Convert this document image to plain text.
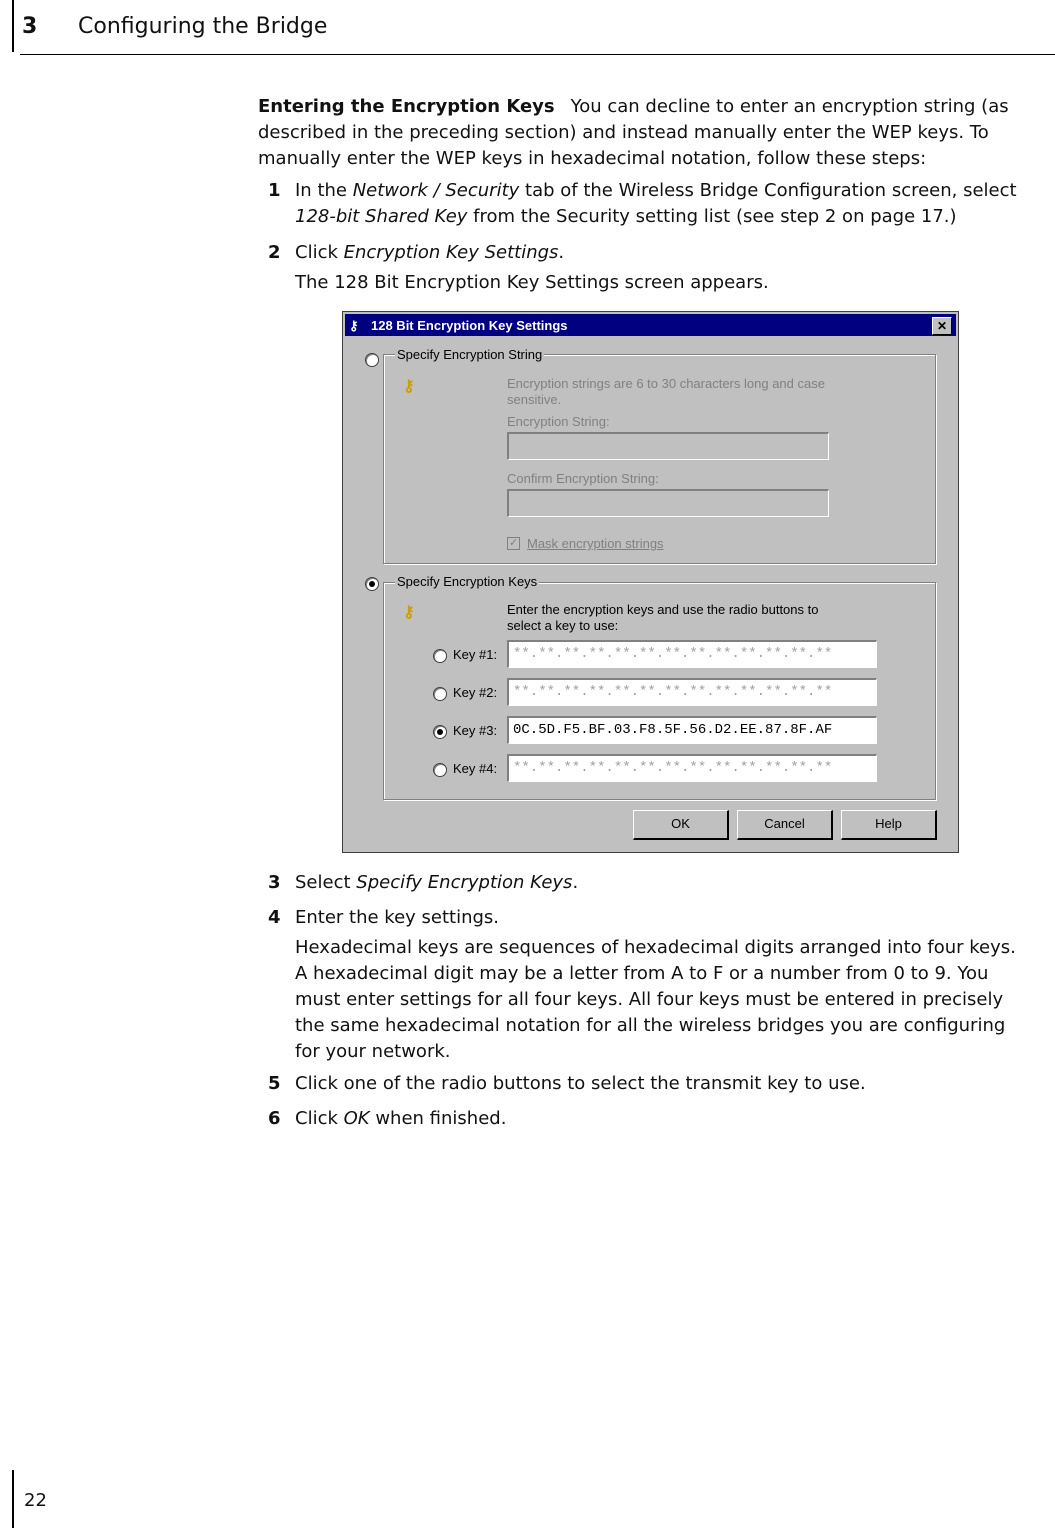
3 Configuring the Bridge
Entering the Encryption Keys You can decline to enter an encryption string (as described in the preceding section) and instead manually enter the WEP keys. To manually enter the WEP keys in hexadecimal notation, follow these steps:
1 In the Network / Security tab of the Wireless Bridge Configuration screen, select 128-bit Shared Key from the Security setting list (see step 2 on page 17.)
2 Click Encryption Key Settings.
The 128 Bit Encryption Key Settings screen appears.
⚷ 128 Bit Encryption Key Settings	✕
Specify Encryption String
⚷	Encryption strings are 6 to 30 characters long and case sensitive.
Encryption String:
Confirm Encryption String:
✓ Mask encryption strings
Specify Encryption Keys
⚷	Enter the encryption keys and use the radio buttons to select a key to use:
Key #1:	**.**.**.**.**.**.**.**.**.**.**.**.**
Key #2:	**.**.**.**.**.**.**.**.**.**.**.**.**
Key #3:	0C.5D.F5.BF.03.F8.5F.56.D2.EE.87.8F.AF
Key #4:	**.**.**.**.**.**.**.**.**.**.**.**.**
OK	Cancel	Help
3 Select Specify Encryption Keys.
4 Enter the key settings.
Hexadecimal keys are sequences of hexadecimal digits arranged into four keys. A hexadecimal digit may be a letter from A to F or a number from 0 to 9. You must enter settings for all four keys. All four keys must be entered in precisely the same hexadecimal notation for all the wireless bridges you are configuring for your network.
5 Click one of the radio buttons to select the transmit key to use.
6 Click OK when finished.
22
